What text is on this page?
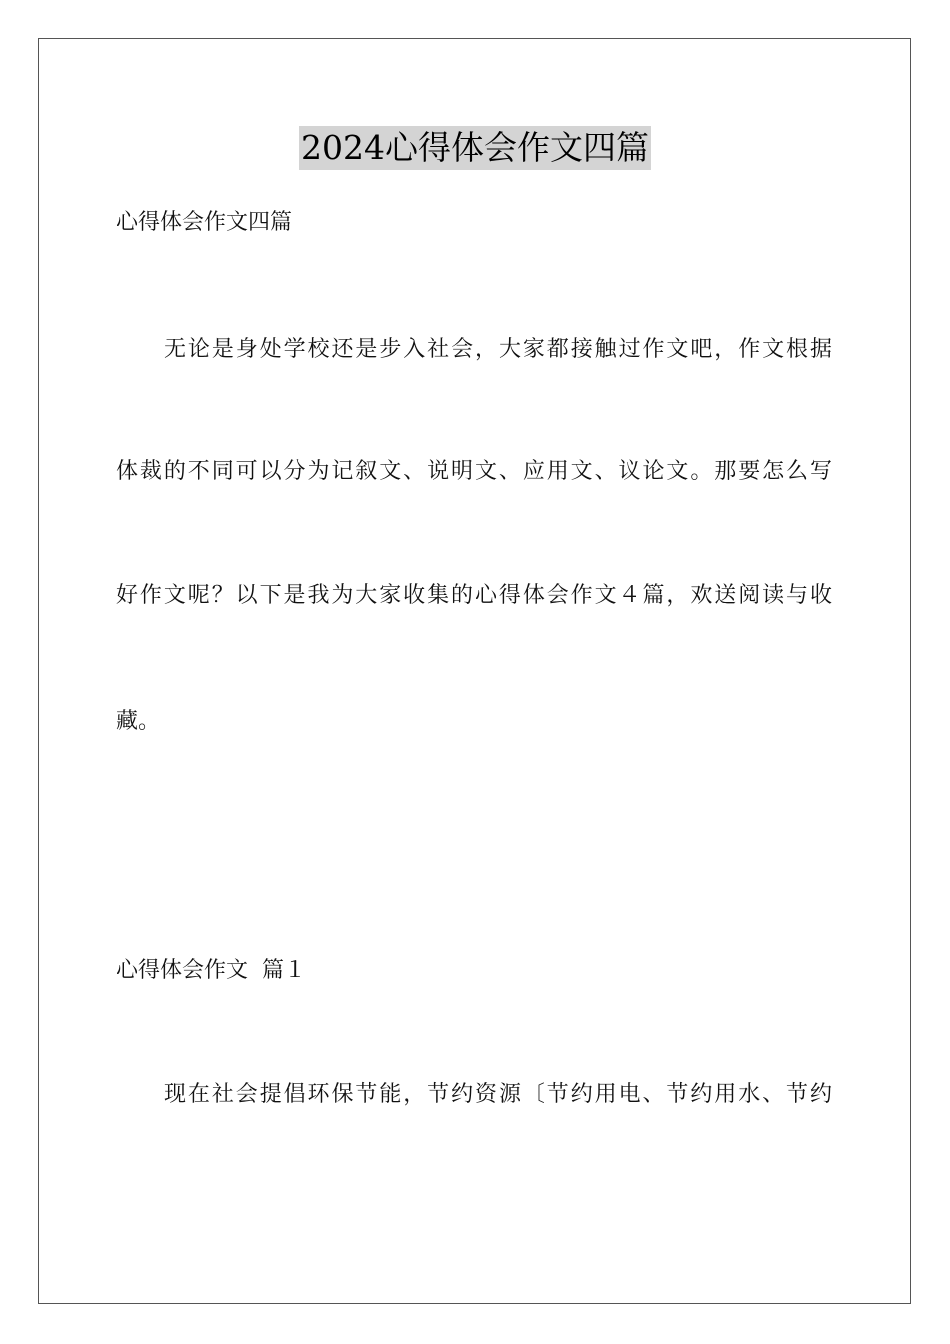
2024心得体会作文四篇
心得体会作文四篇
无论是身处学校还是步入社会，大家都接触过作文吧，作文根据
体裁的不同可以分为记叙文、说明文、应用文、议论文。那要怎么写
好作文呢？以下是我为大家收集的心得体会作文４篇，欢送阅读与收
藏。
心得体会作文  篇１
现在社会提倡环保节能，节约资源〔节约用电、节约用水、节约
